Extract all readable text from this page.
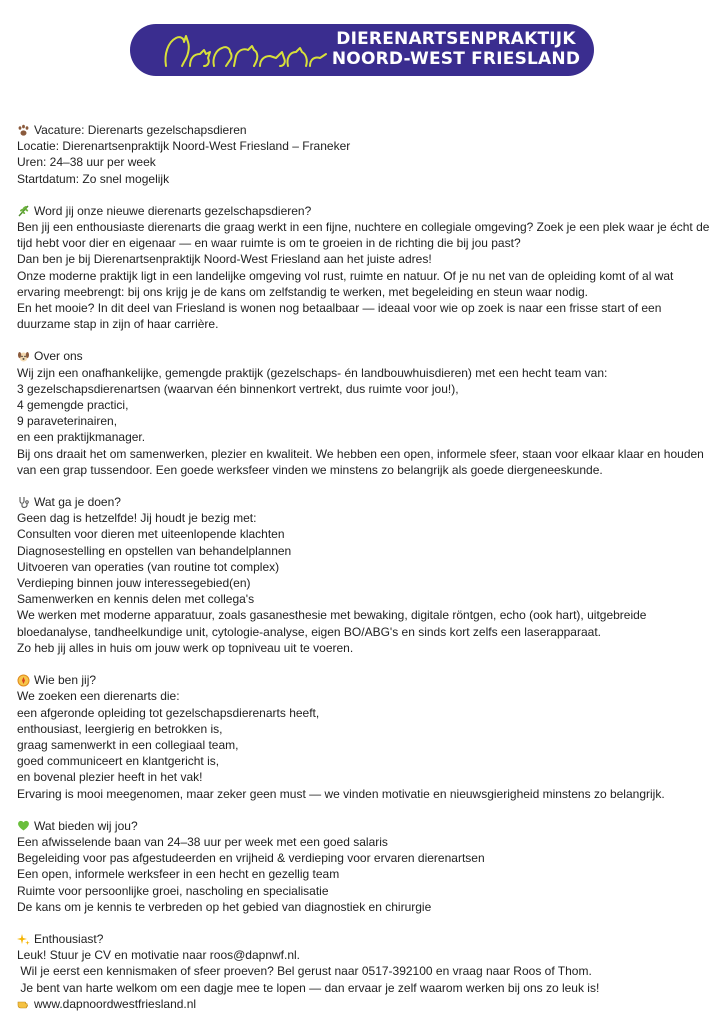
DIERENARTSENPRAKTIJK
NOORD-WEST FRIESLAND
Vacature: Dierenarts gezelschapsdieren
Locatie: Dierenartsenpraktijk Noord-West Friesland – Franeker
Uren: 24–38 uur per week
Startdatum: Zo snel mogelijk
Word jij onze nieuwe dierenarts gezelschapsdieren?
Ben jij een enthousiaste dierenarts die graag werkt in een fijne, nuchtere en collegiale omgeving? Zoek je een plek waar je écht de tijd hebt voor dier en eigenaar — en waar ruimte is om te groeien in de richting die bij jou past?
Dan ben je bij Dierenartsenpraktijk Noord-West Friesland aan het juiste adres!
Onze moderne praktijk ligt in een landelijke omgeving vol rust, ruimte en natuur. Of je nu net van de opleiding komt of al wat ervaring meebrengt: bij ons krijg je de kans om zelfstandig te werken, met begeleiding en steun waar nodig.
En het mooie? In dit deel van Friesland is wonen nog betaalbaar — ideaal voor wie op zoek is naar een frisse start of een duurzame stap in zijn of haar carrière.
Over ons
Wij zijn een onafhankelijke, gemengde praktijk (gezelschaps- én landbouwhuisdieren) met een hecht team van:
3 gezelschapsdierenartsen (waarvan één binnenkort vertrekt, dus ruimte voor jou!),
4 gemengde practici,
9 paraveterinairen,
en een praktijkmanager.
Bij ons draait het om samenwerken, plezier en kwaliteit. We hebben een open, informele sfeer, staan voor elkaar klaar en houden van een grap tussendoor. Een goede werksfeer vinden we minstens zo belangrijk als goede diergeneeskunde.
Wat ga je doen?
Geen dag is hetzelfde! Jij houdt je bezig met:
Consulten voor dieren met uiteenlopende klachten
Diagnosestelling en opstellen van behandelplannen
Uitvoeren van operaties (van routine tot complex)
Verdieping binnen jouw interessegebied(en)
Samenwerken en kennis delen met collega's
We werken met moderne apparatuur, zoals gasanesthesie met bewaking, digitale röntgen, echo (ook hart), uitgebreide bloedanalyse, tandheelkundige unit, cytologie-analyse, eigen BO/ABG's en sinds kort zelfs een laserapparaat.
Zo heb jij alles in huis om jouw werk op topniveau uit te voeren.
Wie ben jij?
We zoeken een dierenarts die:
een afgeronde opleiding tot gezelschapsdierenarts heeft,
enthousiast, leergierig en betrokken is,
graag samenwerkt in een collegiaal team,
goed communiceert en klantgericht is,
en bovenal plezier heeft in het vak!
Ervaring is mooi meegenomen, maar zeker geen must — we vinden motivatie en nieuwsgierigheid minstens zo belangrijk.
Wat bieden wij jou?
Een afwisselende baan van 24–38 uur per week met een goed salaris
Begeleiding voor pas afgestudeerden en vrijheid & verdieping voor ervaren dierenartsen
Een open, informele werksfeer in een hecht en gezellig team
Ruimte voor persoonlijke groei, nascholing en specialisatie
De kans om je kennis te verbreden op het gebied van diagnostiek en chirurgie
Enthousiast?
Leuk! Stuur je CV en motivatie naar roos@dapnwf.nl.
Wil je eerst een kennismaken of sfeer proeven? Bel gerust naar 0517-392100 en vraag naar Roos of Thom.
Je bent van harte welkom om een dagje mee te lopen — dan ervaar je zelf waarom werken bij ons zo leuk is!
www.dapnoordwestfriesland.nl
